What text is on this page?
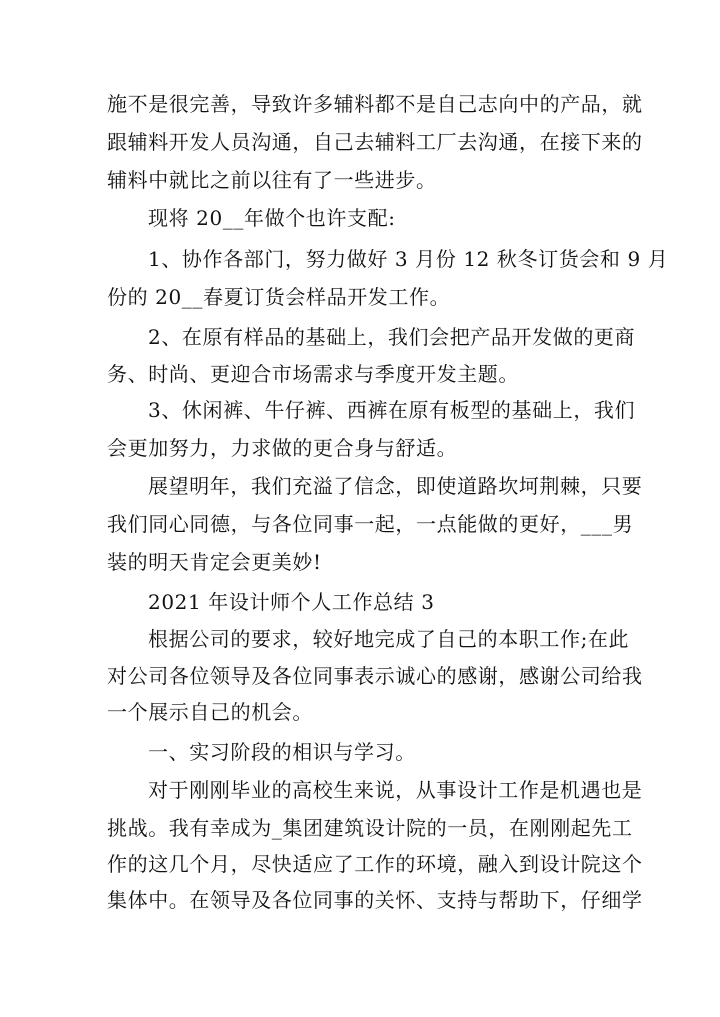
施不是很完善，导致许多辅料都不是自己志向中的产品，就
跟辅料开发人员沟通，自己去辅料工厂去沟通，在接下来的
辅料中就比之前以往有了一些进步。
现将 20__年做个也许支配:
1、协作各部门，努力做好 3 月份 12 秋冬订货会和 9 月
份的 20__春夏订货会样品开发工作。
2、在原有样品的基础上，我们会把产品开发做的更商
务、时尚、更迎合市场需求与季度开发主题。
3、休闲裤、牛仔裤、西裤在原有板型的基础上，我们
会更加努力，力求做的更合身与舒适。
展望明年，我们充溢了信念，即使道路坎坷荆棘，只要
我们同心同德，与各位同事一起，一点能做的更好，___男
装的明天肯定会更美妙!
2021 年设计师个人工作总结 3
根据公司的要求，较好地完成了自己的本职工作;在此
对公司各位领导及各位同事表示诚心的感谢，感谢公司给我
一个展示自己的机会。
一、实习阶段的相识与学习。
对于刚刚毕业的高校生来说，从事设计工作是机遇也是
挑战。我有幸成为_集团建筑设计院的一员，在刚刚起先工
作的这几个月，尽快适应了工作的环境，融入到设计院这个
集体中。在领导及各位同事的关怀、支持与帮助下，仔细学
